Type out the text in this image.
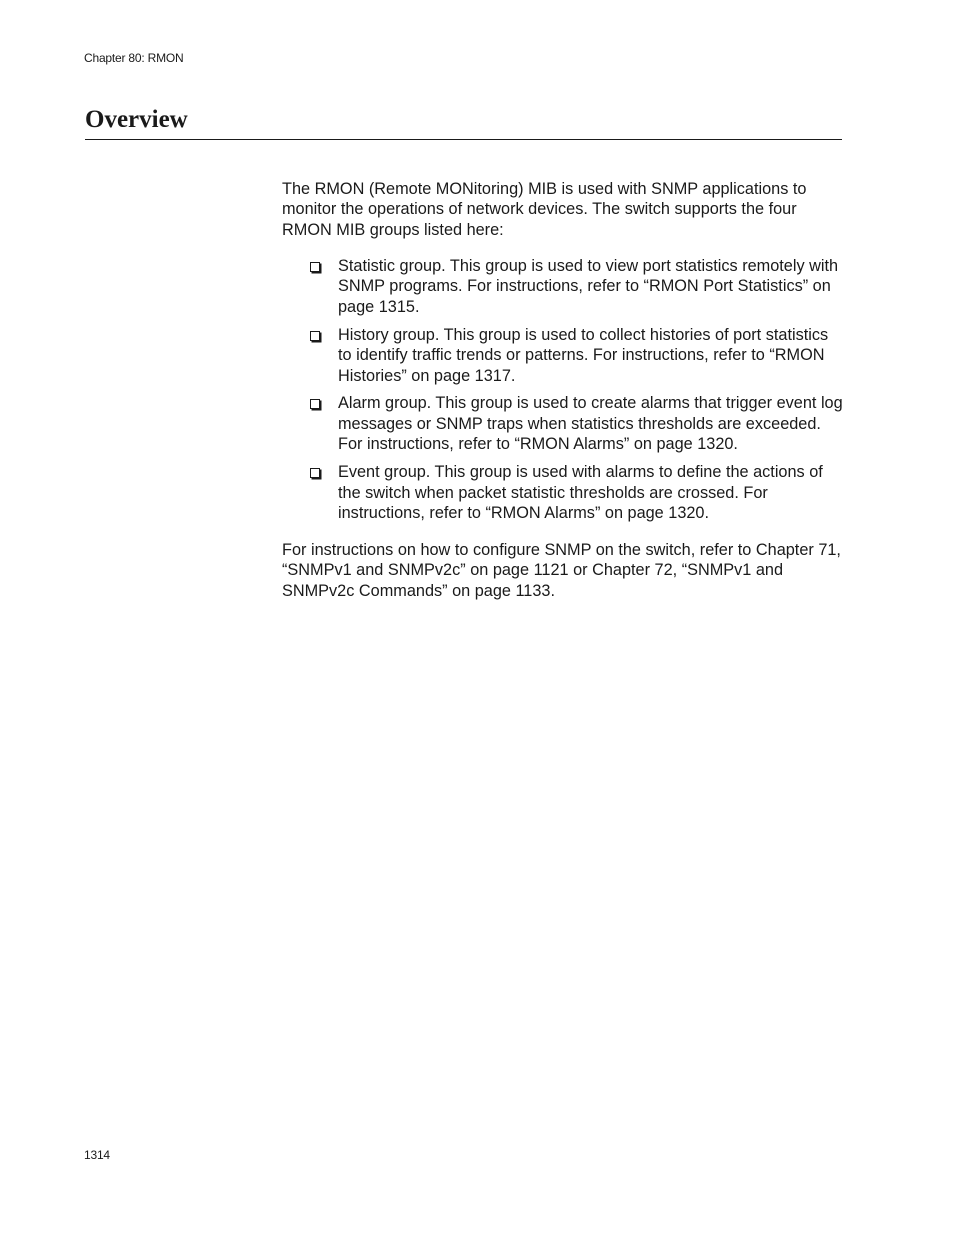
Chapter 80: RMON
Overview

The RMON (Remote MONitoring) MIB is used with SNMP applications to monitor the operations of network devices. The switch supports the four RMON MIB groups listed here:

Statistic group. This group is used to view port statistics remotely with SNMP programs. For instructions, refer to “RMON Port Statistics” on page 1315.
History group. This group is used to collect histories of port statistics to identify traffic trends or patterns. For instructions, refer to “RMON Histories” on page 1317.
Alarm group. This group is used to create alarms that trigger event log messages or SNMP traps when statistics thresholds are exceeded. For instructions, refer to “RMON Alarms” on page 1320.
Event group. This group is used with alarms to define the actions of the switch when packet statistic thresholds are crossed. For instructions, refer to “RMON Alarms” on page 1320.

For instructions on how to configure SNMP on the switch, refer to Chapter 71, “SNMPv1 and SNMPv2c” on page 1121 or Chapter 72, “SNMPv1 and SNMPv2c Commands” on page 1133.

1314
